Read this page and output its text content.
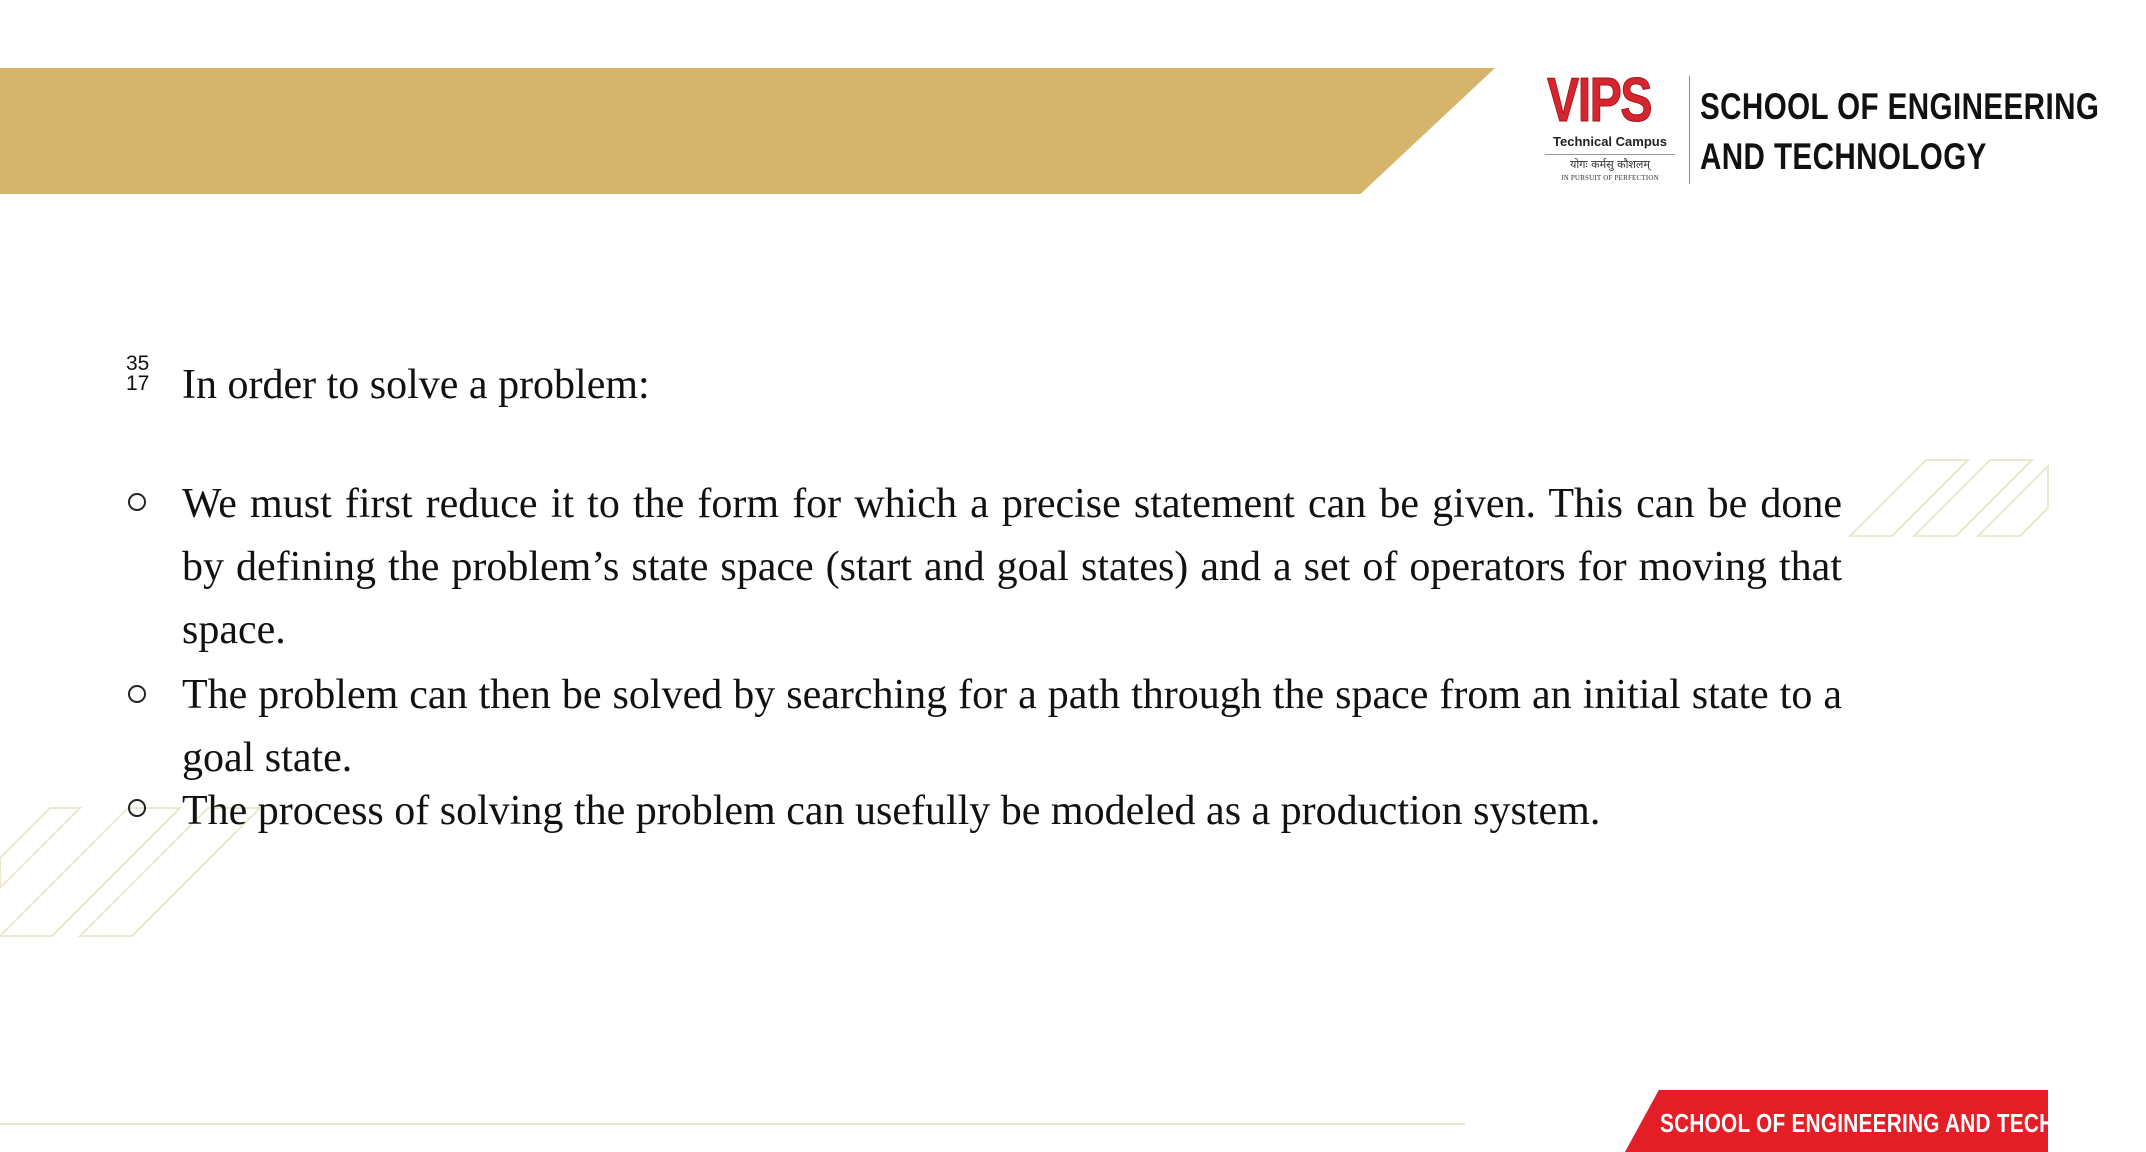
VIPS
Technical Campus
योगः कर्मसु कौशलम्
IN PURSUIT OF PERFECTION
SCHOOL OF ENGINEERING
AND TECHNOLOGY
35
17 In order to solve a problem:

We must first reduce it to the form for which a precise statement can be given. This can be done by defining the problem’s state space (start and goal states) and a set of operators for moving that space.

The problem can then be solved by searching for a path through the space from an initial state to a goal state.

The process of solving the problem can usefully be modeled as a production system.

SCHOOL OF ENGINEERING AND TECHNOLOGY
